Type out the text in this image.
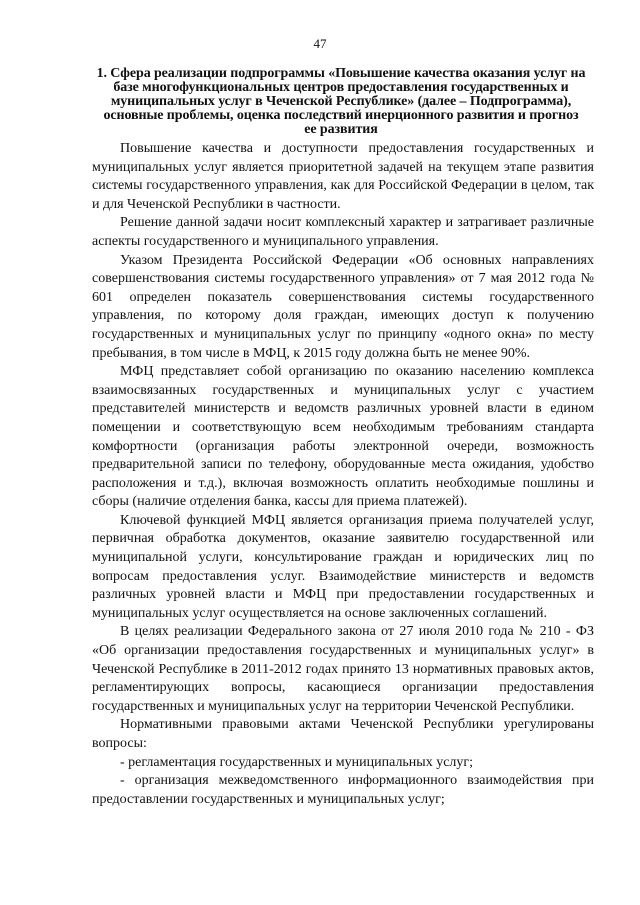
47
1. Сфера реализации подпрограммы «Повышение качества оказания услуг на базе многофункциональных центров предоставления государственных и муниципальных услуг в Чеченской Республике» (далее – Подпрограмма), основные проблемы, оценка последствий инерционного развития и прогноз ее развития

Повышение качества и доступности предоставления государственных и муниципальных услуг является приоритетной задачей на текущем этапе развития системы государственного управления, как для Российской Федерации в целом, так и для Чеченской Республики в частности.

Решение данной задачи носит комплексный характер и затрагивает различные аспекты государственного и муниципального управления.

Указом Президента Российской Федерации «Об основных направлениях совершенствования системы государственного управления» от 7 мая 2012 года № 601 определен показатель совершенствования системы государственного управления, по которому доля граждан, имеющих доступ к получению государственных и муниципальных услуг по принципу «одного окна» по месту пребывания, в том числе в МФЦ, к 2015 году должна быть не менее 90%.

МФЦ представляет собой организацию по оказанию населению комплекса взаимосвязанных государственных и муниципальных услуг с участием представителей министерств и ведомств различных уровней власти в едином помещении и соответствующую всем необходимым требованиям стандарта комфортности (организация работы электронной очереди, возможность предварительной записи по телефону, оборудованные места ожидания, удобство расположения и т.д.), включая возможность оплатить необходимые пошлины и сборы (наличие отделения банка, кассы для приема платежей).

Ключевой функцией МФЦ является организация приема получателей услуг, первичная обработка документов, оказание заявителю государственной или муниципальной услуги, консультирование граждан и юридических лиц по вопросам предоставления услуг. Взаимодействие министерств и ведомств различных уровней власти и МФЦ при предоставлении государственных и муниципальных услуг осуществляется на основе заключенных соглашений.

В целях реализации Федерального закона от 27 июля 2010 года № 210 - ФЗ «Об организации предоставления государственных и муниципальных услуг» в Чеченской Республике в 2011-2012 годах принято 13 нормативных правовых актов, регламентирующих вопросы, касающиеся организации предоставления государственных и муниципальных услуг на территории Чеченской Республики.

Нормативными правовыми актами Чеченской Республики урегулированы вопросы:

- регламентация государственных и муниципальных услуг;

- организация межведомственного информационного взаимодействия при предоставлении государственных и муниципальных услуг;
